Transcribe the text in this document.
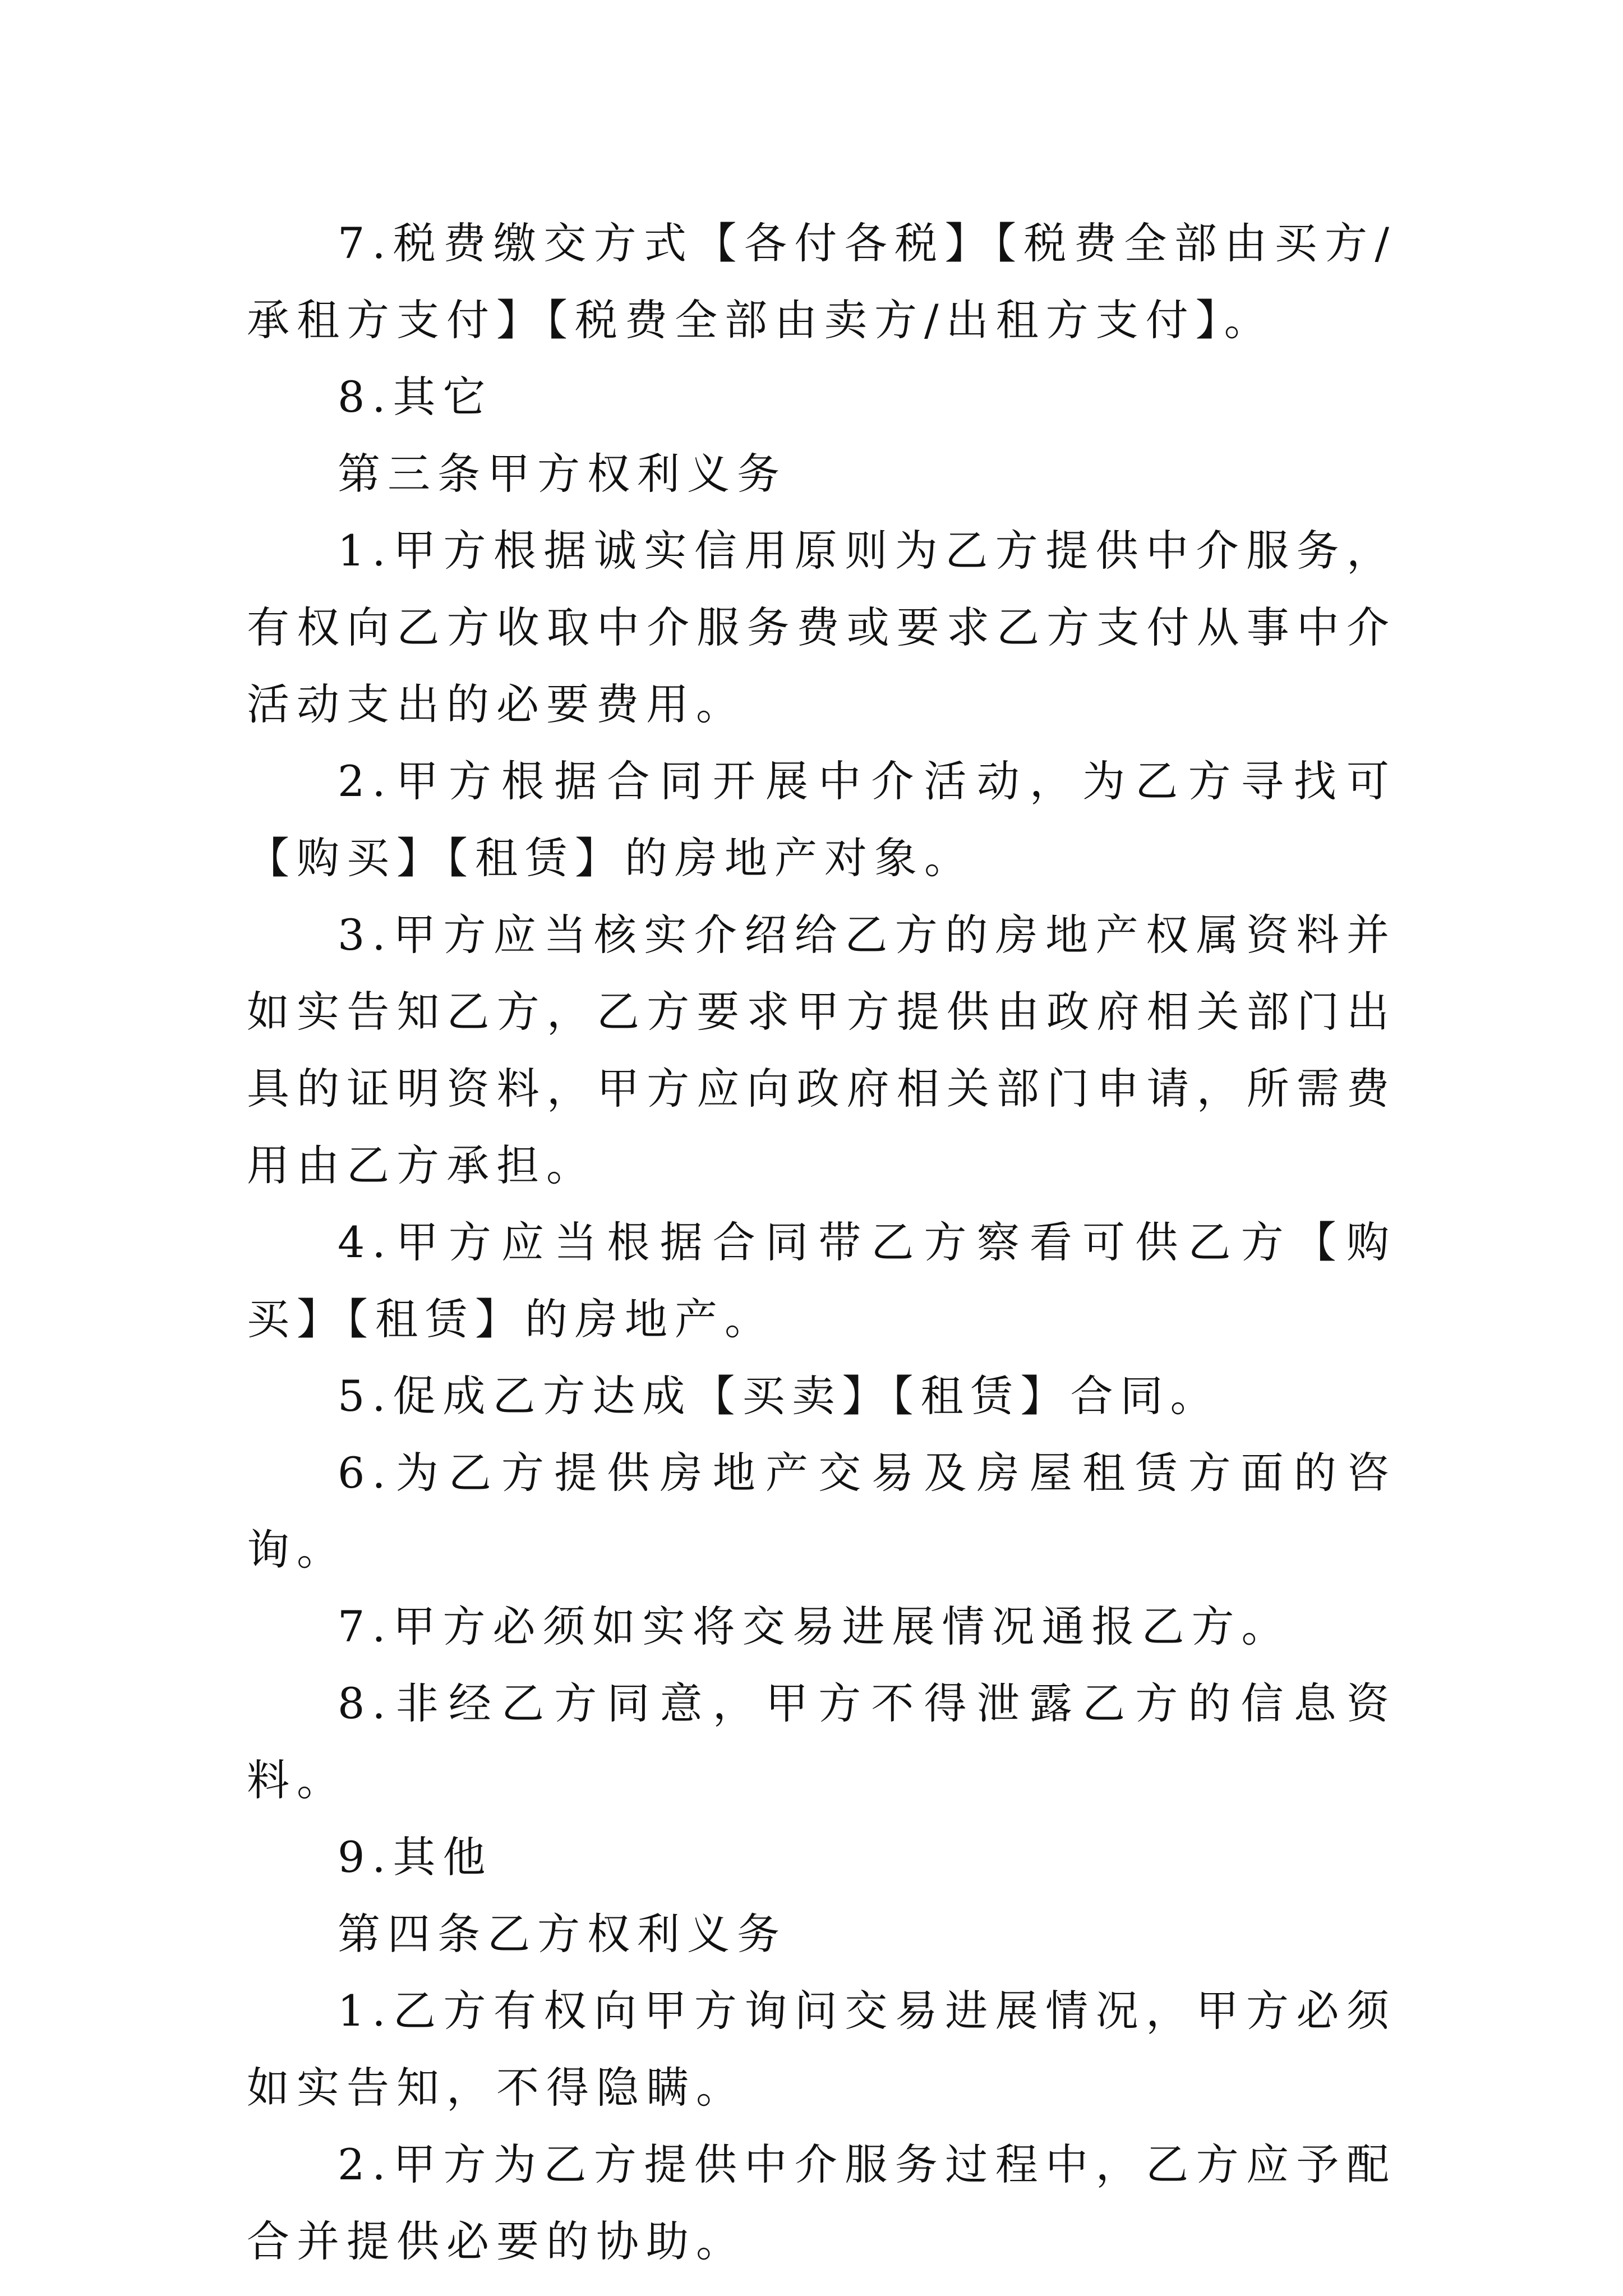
7.税费缴交方式【各付各税】【税费全部由买方/承租方支付】【税费全部由卖方/出租方支付】。

8.其它

第三条甲方权利义务

1.甲方根据诚实信用原则为乙方提供中介服务，有权向乙方收取中介服务费或要求乙方支付从事中介活动支出的必要费用。

2.甲方根据合同开展中介活动，为乙方寻找可【购买】【租赁】的房地产对象。

3.甲方应当核实介绍给乙方的房地产权属资料并如实告知乙方，乙方要求甲方提供由政府相关部门出具的证明资料，甲方应向政府相关部门申请，所需费用由乙方承担。

4.甲方应当根据合同带乙方察看可供乙方【购买】【租赁】的房地产。

5.促成乙方达成【买卖】【租赁】合同。

6.为乙方提供房地产交易及房屋租赁方面的咨询。

7.甲方必须如实将交易进展情况通报乙方。

8.非经乙方同意，甲方不得泄露乙方的信息资料。

9.其他

第四条乙方权利义务

1.乙方有权向甲方询问交易进展情况，甲方必须如实告知，不得隐瞒。

2.甲方为乙方提供中介服务过程中，乙方应予配合并提供必要的协助。
